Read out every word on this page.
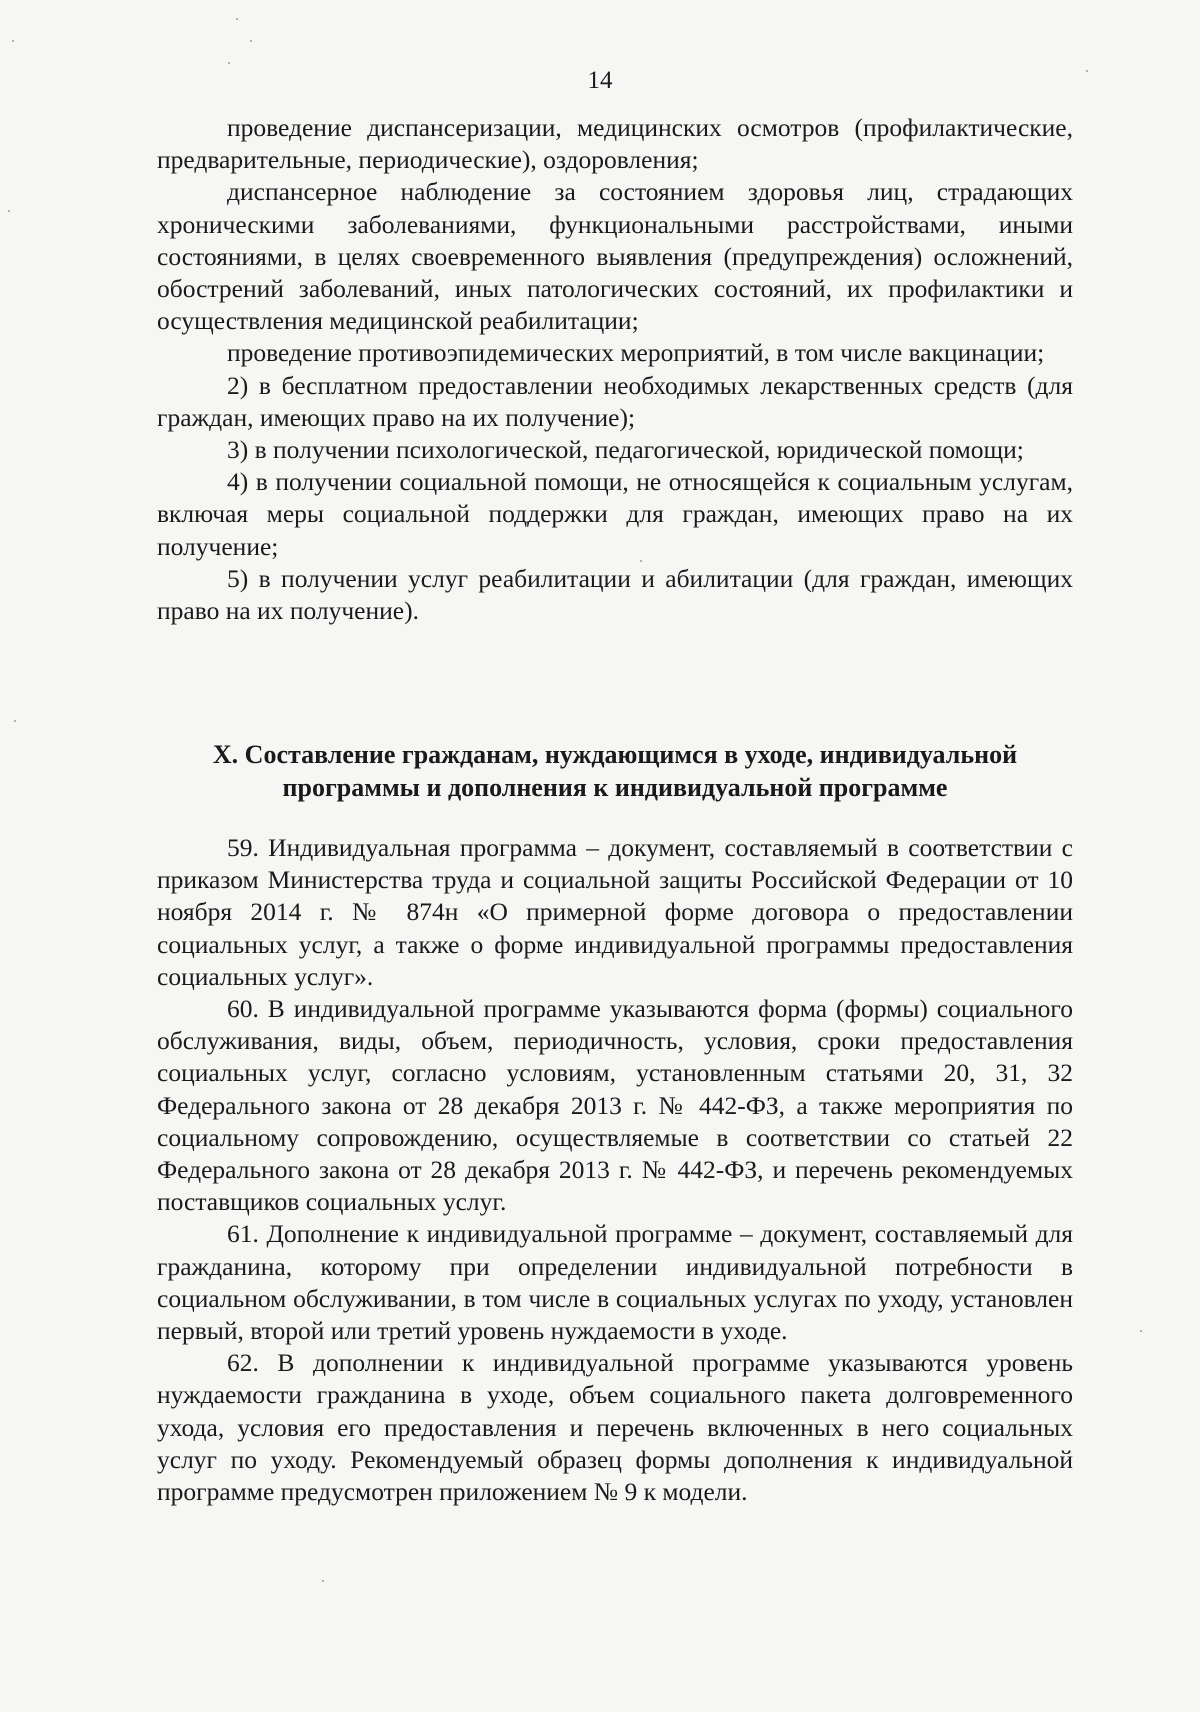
14

проведение диспансеризации, медицинских осмотров (профилактические, предварительные, периодические), оздоровления;

диспансерное наблюдение за состоянием здоровья лиц, страдающих хроническими заболеваниями, функциональными расстройствами, иными состояниями, в целях своевременного выявления (предупреждения) осложнений, обострений заболеваний, иных патологических состояний, их профилактики и осуществления медицинской реабилитации;

проведение противоэпидемических мероприятий, в том числе вакцинации;

2) в бесплатном предоставлении необходимых лекарственных средств (для граждан, имеющих право на их получение);

3) в получении психологической, педагогической, юридической помощи;

4) в получении социальной помощи, не относящейся к социальным услугам, включая меры социальной поддержки для граждан, имеющих право на их получение;

5) в получении услуг реабилитации и абилитации (для граждан, имеющих право на их получение).

X. Составление гражданам, нуждающимся в уходе, индивидуальной
программы и дополнения к индивидуальной программе

59. Индивидуальная программа – документ, составляемый в соответствии с приказом Министерства труда и социальной защиты Российской Федерации от 10 ноября 2014 г. № 874н «О примерной форме договора о предоставлении социальных услуг, а также о форме индивидуальной программы предоставления социальных услуг».

60. В индивидуальной программе указываются форма (формы) социального обслуживания, виды, объем, периодичность, условия, сроки предоставления социальных услуг, согласно условиям, установленным статьями 20, 31, 32 Федерального закона от 28 декабря 2013 г. № 442-ФЗ, а также мероприятия по социальному сопровождению, осуществляемые в соответствии со статьей 22 Федерального закона от 28 декабря 2013 г. № 442-ФЗ, и перечень рекомендуемых поставщиков социальных услуг.

61. Дополнение к индивидуальной программе – документ, составляемый для гражданина, которому при определении индивидуальной потребности в социальном обслуживании, в том числе в социальных услугах по уходу, установлен первый, второй или третий уровень нуждаемости в уходе.

62. В дополнении к индивидуальной программе указываются уровень нуждаемости гражданина в уходе, объем социального пакета долговременного ухода, условия его предоставления и перечень включенных в него социальных услуг по уходу. Рекомендуемый образец формы дополнения к индивидуальной программе предусмотрен приложением № 9 к модели.
